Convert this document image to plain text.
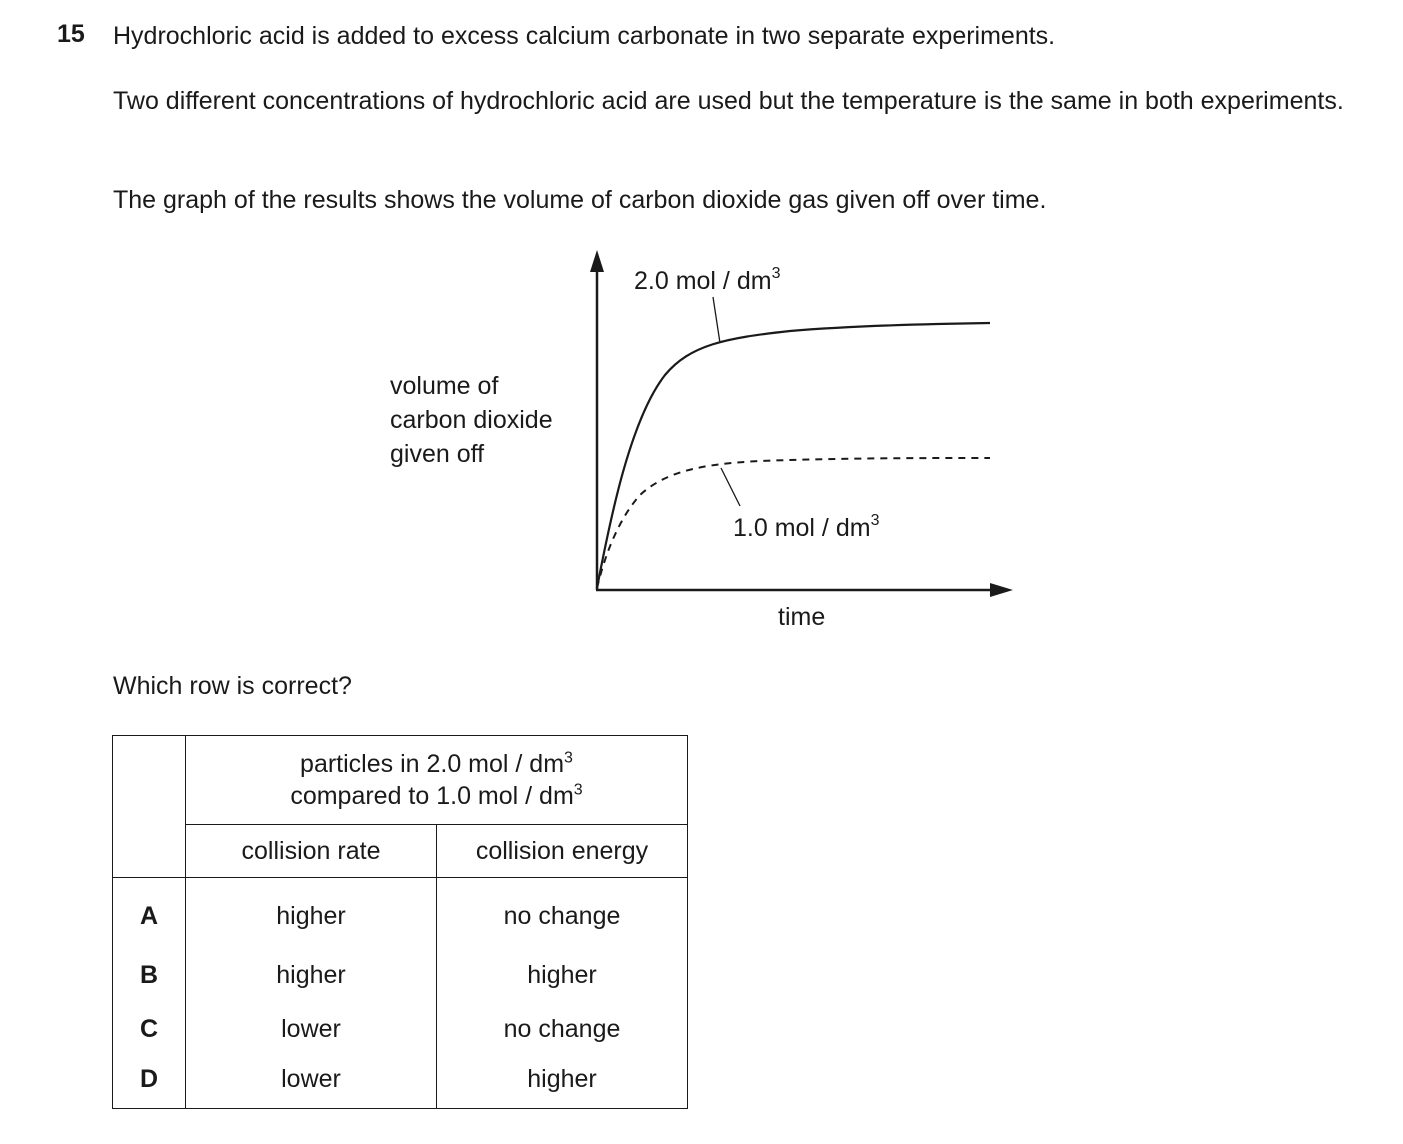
15 Hydrochloric acid is added to excess calcium carbonate in two separate experiments.
Two different concentrations of hydrochloric acid are used but the temperature is the same in both experiments.
The graph of the results shows the volume of carbon dioxide gas given off over time.
2.0 mol / $dm^3$
1.0 mol / $dm^3$
volume of
carbon dioxide
given off
time
Which row is correct?
	particles in 2.0 mol / $dm^3$
compared to 1.0 mol / $dm^3$
	collision rate	collision energy
A	higher	no change
B	higher	higher
C	lower	no change
D	lower	higher
